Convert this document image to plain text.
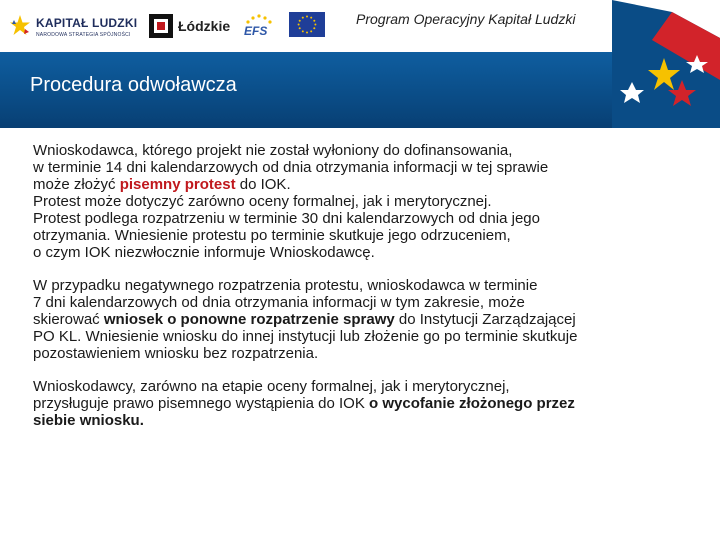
KAPITAŁ LUDZKI
NARODOWA STRATEGIA SPÓJNOŚCI
Łódzkie EFS
Program Operacyjny Kapitał Ludzki
Procedura odwoławcza
Wnioskodawca, którego projekt nie został wyłoniony do dofinansowania,
w terminie 14 dni kalendarzowych od dnia otrzymania informacji w tej sprawie
może złożyć pisemny protest do IOK.
Protest może dotyczyć zarówno oceny formalnej, jak i merytorycznej.
Protest podlega rozpatrzeniu w terminie 30 dni kalendarzowych od dnia jego
otrzymania. Wniesienie protestu po terminie skutkuje jego odrzuceniem,
o czym IOK niezwłocznie informuje Wnioskodawcę.
W przypadku negatywnego rozpatrzenia protestu, wnioskodawca w terminie
7 dni kalendarzowych od dnia otrzymania informacji w tym zakresie, może
skierować wniosek o ponowne rozpatrzenie sprawy do Instytucji Zarządzającej
PO KL. Wniesienie wniosku do innej instytucji lub złożenie go po terminie skutkuje
pozostawieniem wniosku bez rozpatrzenia.
Wnioskodawcy, zarówno na etapie oceny formalnej, jak i merytorycznej,
przysługuje prawo pisemnego wystąpienia do IOK o wycofanie złożonego przez
siebie wniosku.
